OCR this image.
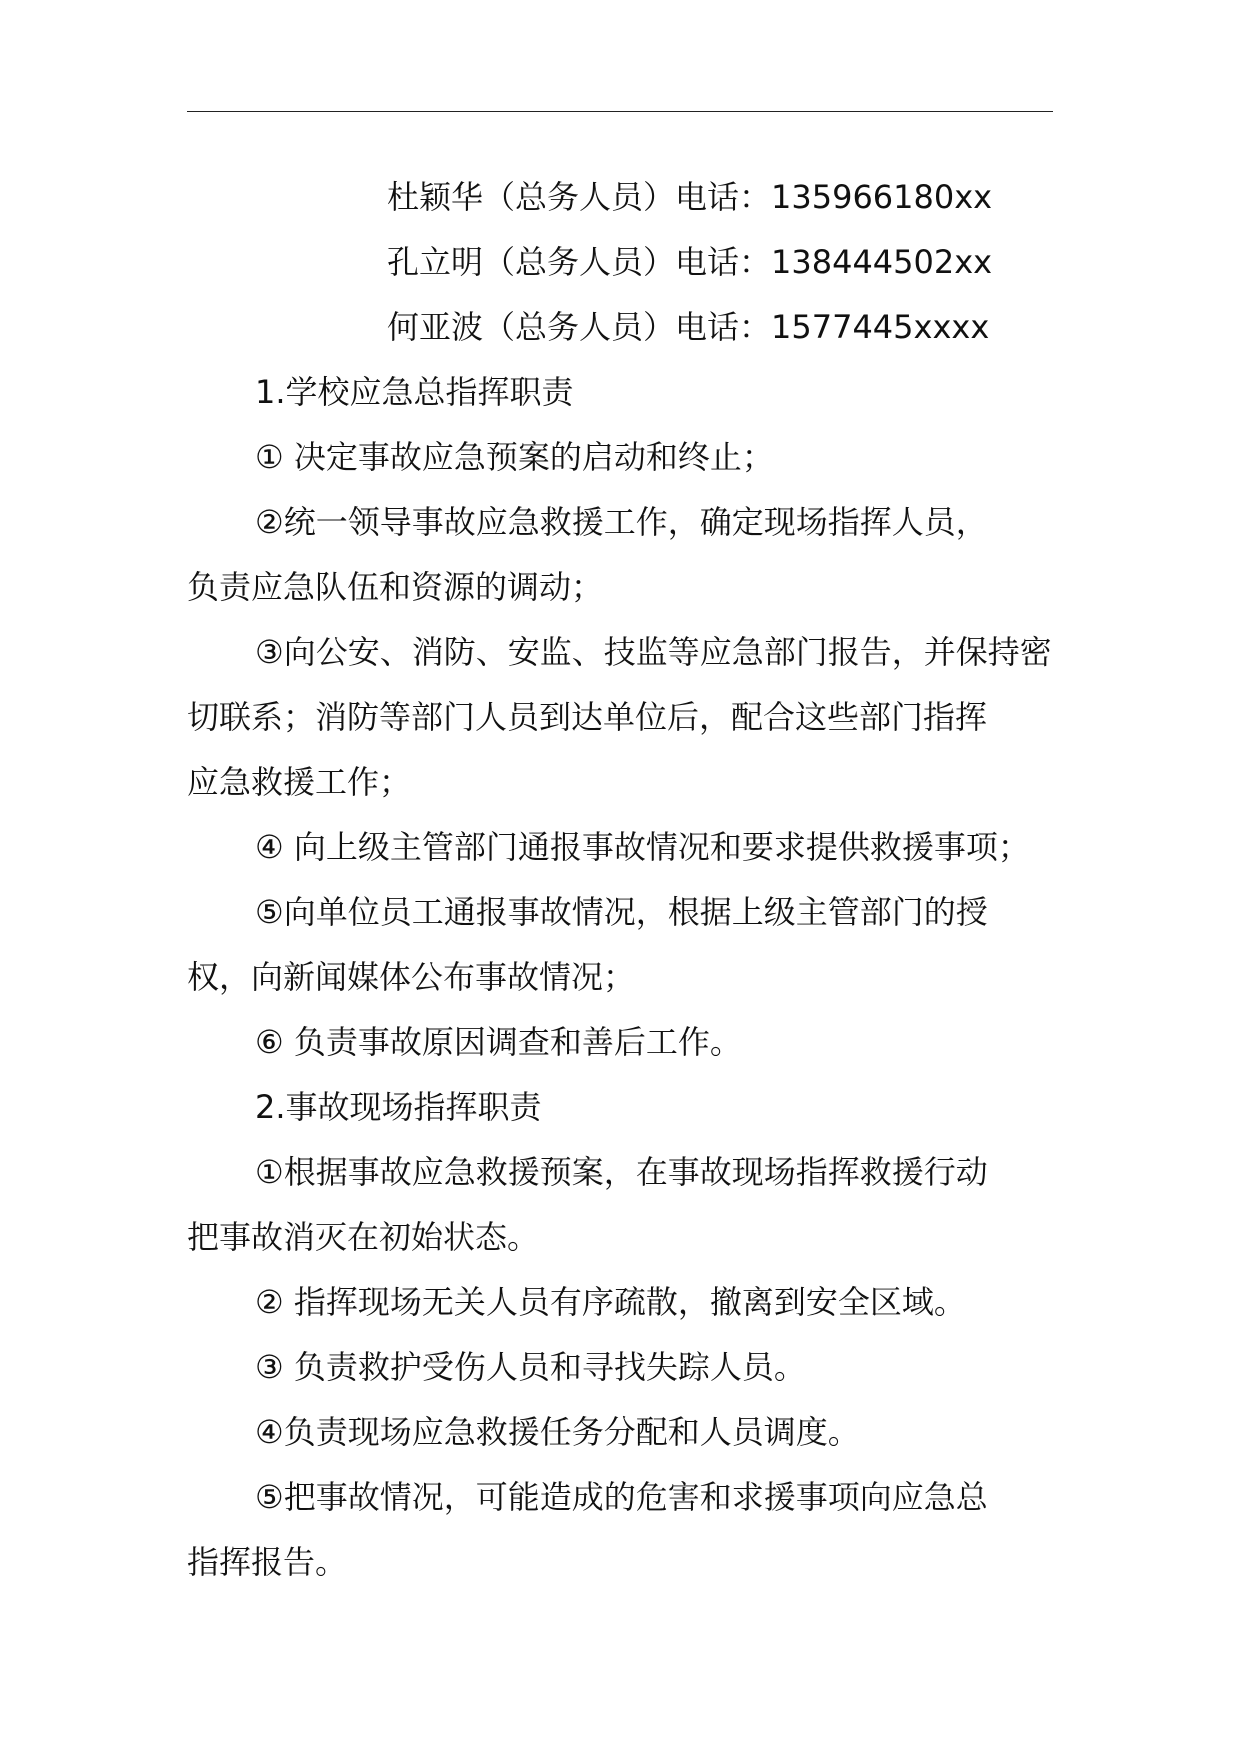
杜颖华（总务人员）电话：135966180xx

孔立明（总务人员）电话：138444502xx

何亚波（总务人员）电话：1577445xxxx

1.学校应急总指挥职责

① 决定事故应急预案的启动和终止；

②统一领导事故应急救援工作，确定现场指挥人员，

负责应急队伍和资源的调动；

③向公安、消防、安监、技监等应急部门报告，并保持密

切联系；消防等部门人员到达单位后，配合这些部门指挥

应急救援工作；

④ 向上级主管部门通报事故情况和要求提供救援事项；

⑤向单位员工通报事故情况，根据上级主管部门的授

权，向新闻媒体公布事故情况；

⑥ 负责事故原因调查和善后工作。

2.事故现场指挥职责

①根据事故应急救援预案，在事故现场指挥救援行动

把事故消灭在初始状态。

② 指挥现场无关人员有序疏散，撤离到安全区域。

③ 负责救护受伤人员和寻找失踪人员。

④负责现场应急救援任务分配和人员调度。

⑤把事故情况，可能造成的危害和求援事项向应急总

指挥报告。
